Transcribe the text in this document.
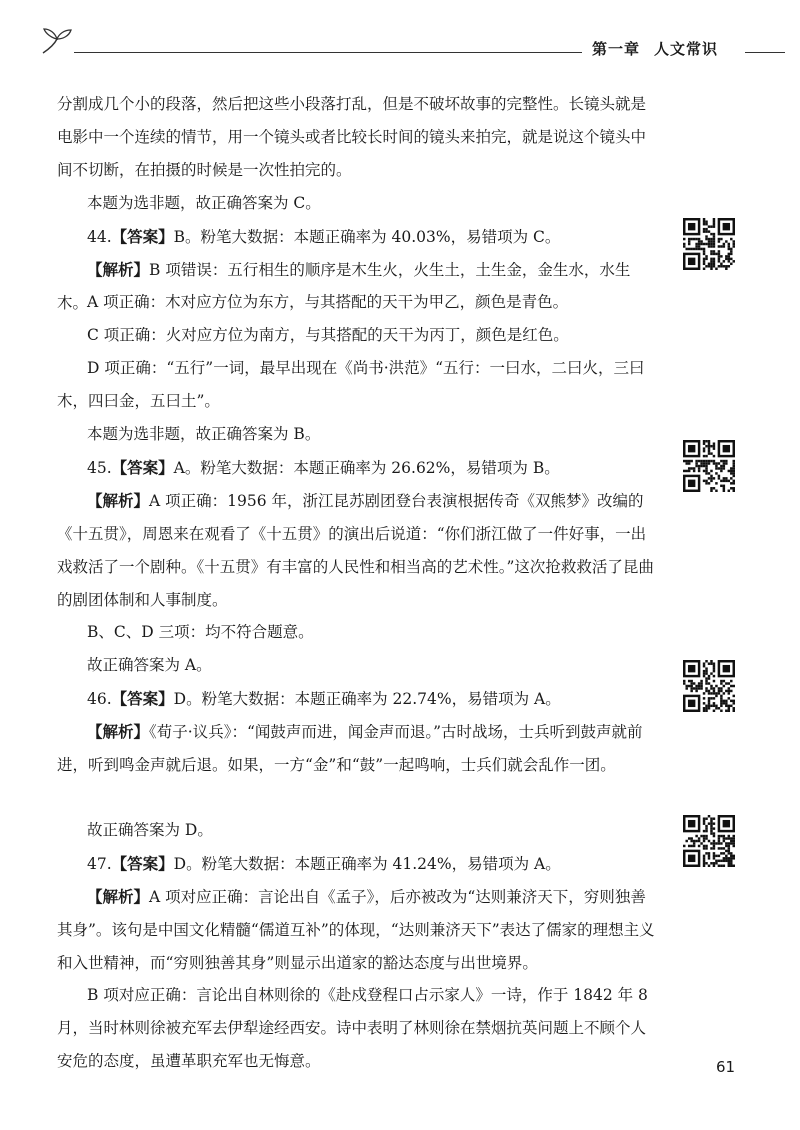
第一章 人文常识

分割成几个小的段落，然后把这些小段落打乱，但是不破坏故事的完整性。长镜头就是电影中一个连续的情节，用一个镜头或者比较长时间的镜头来拍完，就是说这个镜头中间不切断，在拍摄的时候是一次性拍完的。

本题为选非题，故正确答案为 C。

44.【答案】B。粉笔大数据：本题正确率为 40.03%，易错项为 C。

【解析】B 项错误：五行相生的顺序是木生火，火生土，土生金，金生水，水生木。

A 项正确：木对应方位为东方，与其搭配的天干为甲乙，颜色是青色。

C 项正确：火对应方位为南方，与其搭配的天干为丙丁，颜色是红色。

D 项正确：“五行”一词，最早出现在《尚书·洪范》“五行：一曰水，二曰火，三曰木，四曰金，五曰土”。

本题为选非题，故正确答案为 B。

45.【答案】A。粉笔大数据：本题正确率为 26.62%，易错项为 B。

【解析】A 项正确：1956 年，浙江昆苏剧团登台表演根据传奇《双熊梦》改编的《十五贯》，周恩来在观看了《十五贯》的演出后说道：“你们浙江做了一件好事，一出戏救活了一个剧种。《十五贯》有丰富的人民性和相当高的艺术性。”这次抢救救活了昆曲的剧团体制和人事制度。

B、C、D 三项：均不符合题意。

故正确答案为 A。

46.【答案】D。粉笔大数据：本题正确率为 22.74%，易错项为 A。

【解析】《荀子·议兵》：“闻鼓声而进，闻金声而退。”古时战场，士兵听到鼓声就前进，听到鸣金声就后退。如果，一方“金”和“鼓”一起鸣响，士兵们就会乱作一团。

故正确答案为 D。

47.【答案】D。粉笔大数据：本题正确率为 41.24%，易错项为 A。

【解析】A 项对应正确：言论出自《孟子》，后亦被改为“达则兼济天下，穷则独善其身”。该句是中国文化精髓“儒道互补”的体现，“达则兼济天下”表达了儒家的理想主义和入世精神，而“穷则独善其身”则显示出道家的豁达态度与出世境界。

B 项对应正确：言论出自林则徐的《赴戍登程口占示家人》一诗，作于 1842 年 8 月，当时林则徐被充军去伊犁途经西安。诗中表明了林则徐在禁烟抗英问题上不顾个人安危的态度，虽遭革职充军也无悔意。	61
